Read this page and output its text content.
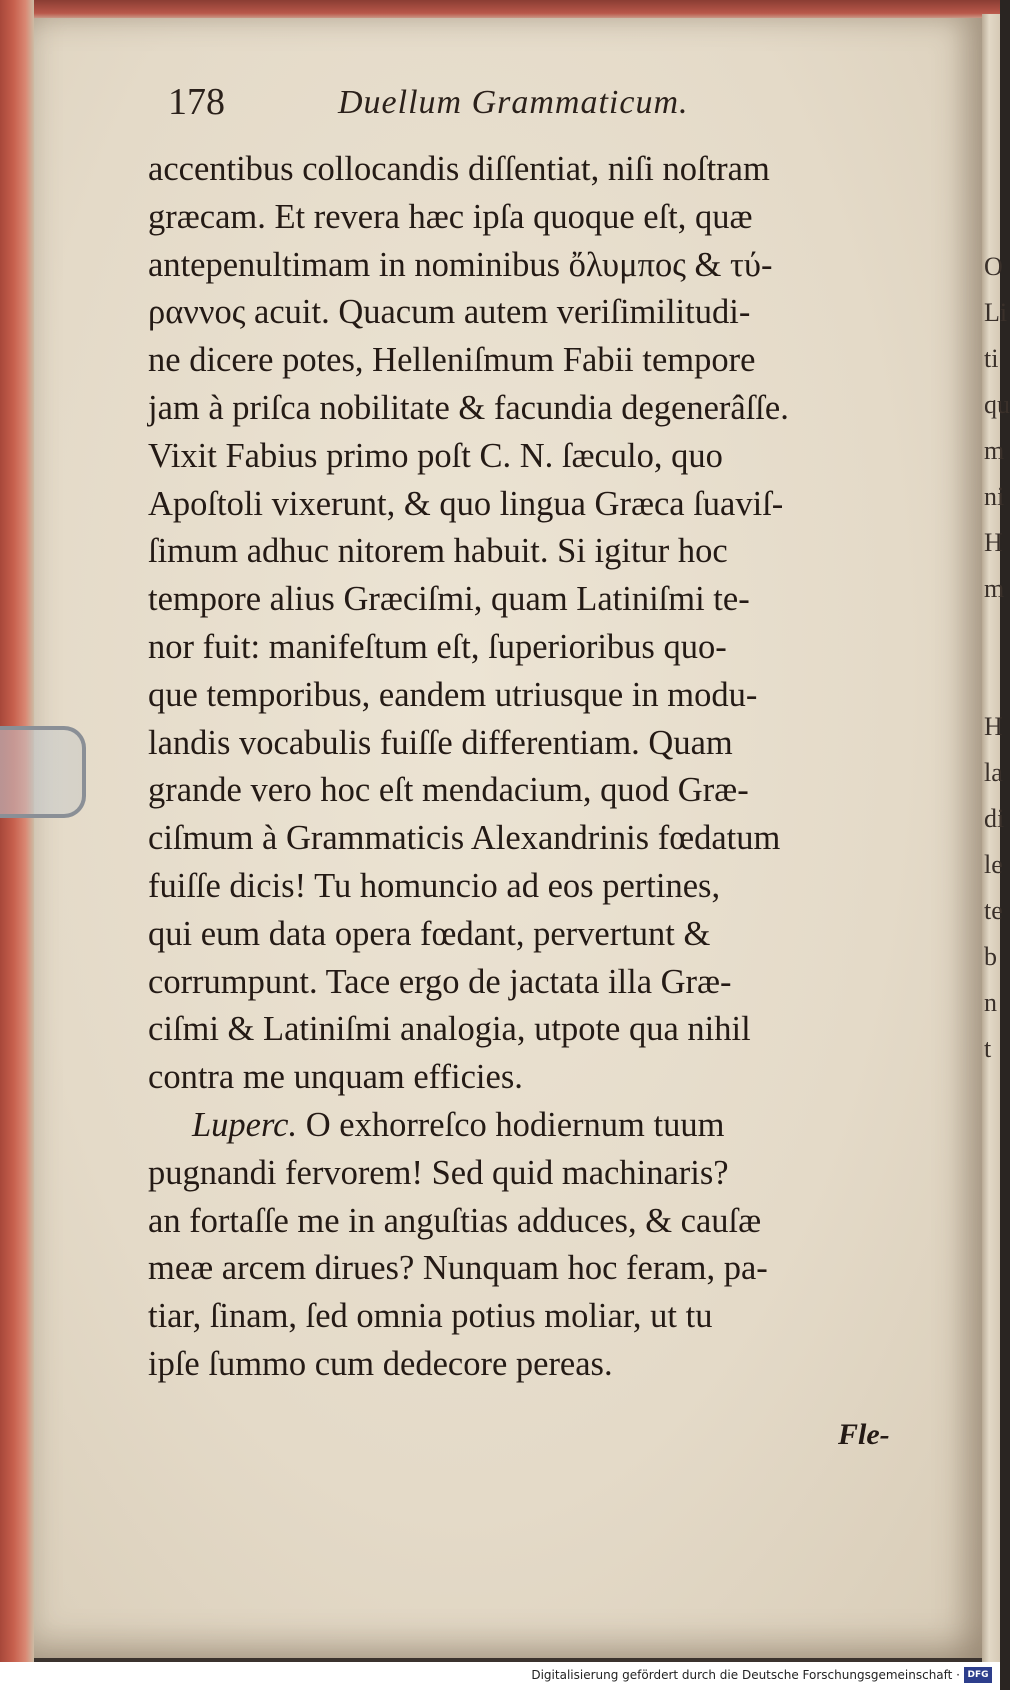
O
Li
ti
qu
m
ni
H
m

H
la
di
le
te
b
n
t
178	Duellum Grammaticum.
accentibus collocandis diſſentiat, niſi noſtram
græcam. Et revera hæc ipſa quoque eſt, quæ
antepenultimam in nominibus ὄλυμπος & τύ-
ραννος acuit. Quacum autem veriſimilitudi-
ne dicere potes, Helleniſmum Fabii tempore
jam à priſca nobilitate & facundia degenerâſſe.
Vixit Fabius primo poſt C. N. ſæculo, quo
Apoſtoli vixerunt, & quo lingua Græca ſuaviſ-
ſimum adhuc nitorem habuit. Si igitur hoc
tempore alius Græciſmi, quam Latiniſmi te-
nor fuit: manifeſtum eſt, ſuperioribus quo-
que temporibus, eandem utriusque in modu-
landis vocabulis fuiſſe differentiam. Quam
grande vero hoc eſt mendacium, quod Græ-
ciſmum à Grammaticis Alexandrinis fœdatum
fuiſſe dicis! Tu homuncio ad eos pertines,
qui eum data opera fœdant, pervertunt &
corrumpunt. Tace ergo de jactata illa Græ-
ciſmi & Latiniſmi analogia, utpote qua nihil
contra me unquam efficies.
Luperc. O exhorreſco hodiernum tuum
pugnandi fervorem! Sed quid machinaris?
an fortaſſe me in anguſtias adduces, & cauſæ
meæ arcem dirues? Nunquam hoc feram, pa-
tiar, ſinam, ſed omnia potius moliar, ut tu
ipſe ſummo cum dedecore pereas.
Fle-
Digitalisierung gefördert durch die Deutsche Forschungsgemeinschaft · DFG
